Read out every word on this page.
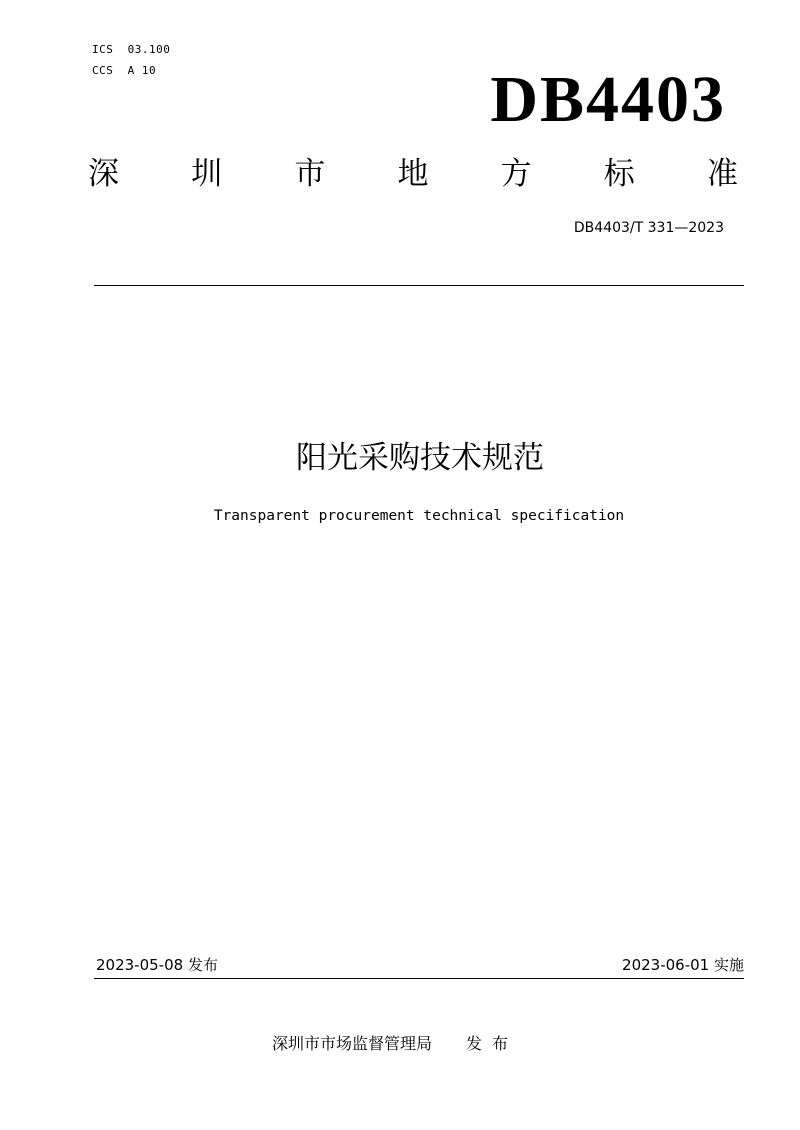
ICS  03.100
CCS  A 10	DB4403
深 圳 市 地 方 标 准
DB4403/T 331—2023
阳光采购技术规范
Transparent procurement technical specification
2023-05-08 发布	2023-06-01 实施
深圳市市场监督管理局 发布
